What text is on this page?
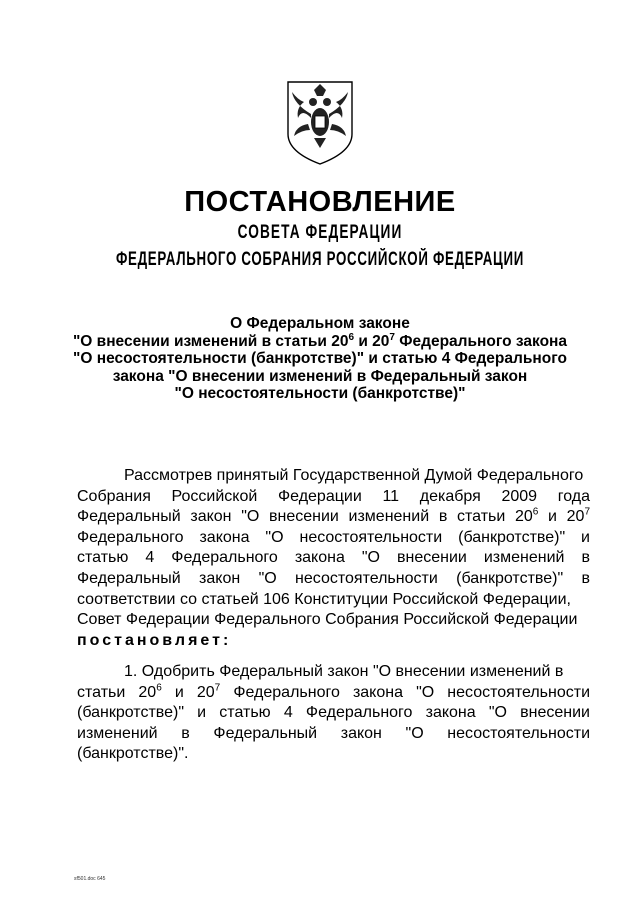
ПОСТАНОВЛЕНИЕ
СОВЕТА ФЕДЕРАЦИИ
ФЕДЕРАЛЬНОГО СОБРАНИЯ РОССИЙСКОЙ ФЕДЕРАЦИИ
О Федеральном законе
"О внесении изменений в статьи $20^6$ и $20^7$ Федерального закона
"О несостоятельности (банкротстве)" и статью 4 Федерального
закона "О внесении изменений в Федеральный закон
"О несостоятельности (банкротстве)"
Рассмотрев принятый Государственной Думой Федерального
Собрания Российской Федерации 11 декабря 2009 года
Федеральный закон "О внесении изменений в статьи $20^6$ и $20^7$
Федерального закона "О несостоятельности (банкротстве)" и
статью 4 Федерального закона "О внесении изменений в
Федеральный закон "О несостоятельности (банкротстве)" в
соответствии со статьей 106 Конституции Российской Федерации,
Совет Федерации Федерального Собрания Российской Федерации
постановляет:
1. Одобрить Федеральный закон "О внесении изменений в
статьи $20^6$ и $20^7$ Федерального закона "О несостоятельности
(банкротстве)" и статью 4 Федерального закона "О внесении
изменений в Федеральный закон "О несостоятельности
(банкротстве)".
sf501.doc 645
